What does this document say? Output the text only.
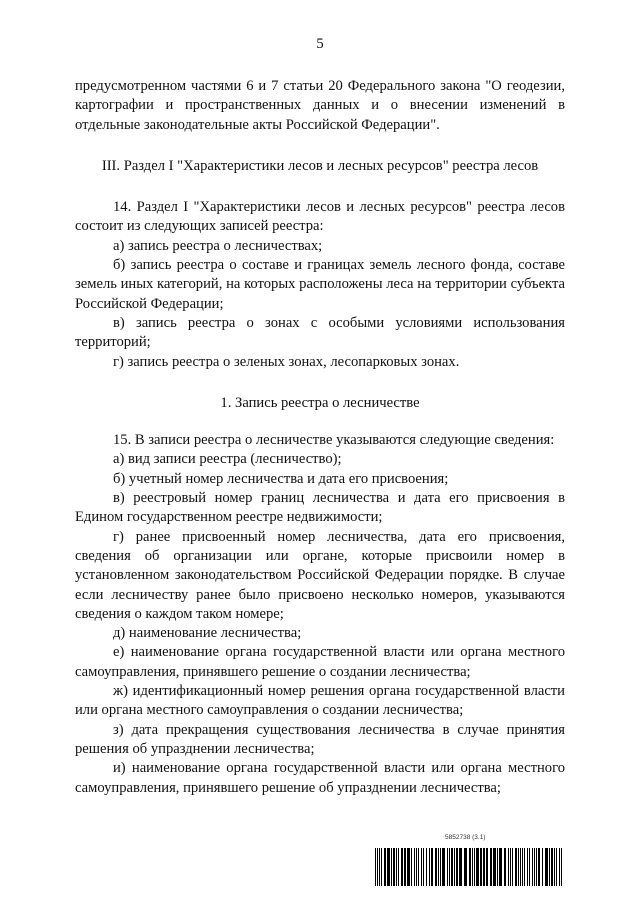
5

предусмотренном частями 6 и 7 статьи 20 Федерального закона "О геодезии, картографии и пространственных данных и о внесении изменений в отдельные законодательные акты Российской Федерации".

III. Раздел I "Характеристики лесов и лесных ресурсов" реестра лесов

14. Раздел I "Характеристики лесов и лесных ресурсов" реестра лесов состоит из следующих записей реестра:

а) запись реестра о лесничествах;

б) запись реестра о составе и границах земель лесного фонда, составе земель иных категорий, на которых расположены леса на территории субъекта Российской Федерации;

в) запись реестра о зонах с особыми условиями использования территорий;

г) запись реестра о зеленых зонах, лесопарковых зонах.

1. Запись реестра о лесничестве

15. В записи реестра о лесничестве указываются следующие сведения:

а) вид записи реестра (лесничество);

б) учетный номер лесничества и дата его присвоения;

в) реестровый номер границ лесничества и дата его присвоения в Едином государственном реестре недвижимости;

г) ранее присвоенный номер лесничества, дата его присвоения, сведения об организации или органе, которые присвоили номер в установленном законодательством Российской Федерации порядке. В случае если лесничеству ранее было присвоено несколько номеров, указываются сведения о каждом таком номере;

д) наименование лесничества;

е) наименование органа государственной власти или органа местного самоуправления, принявшего решение о создании лесничества;

ж) идентификационный номер решения органа государственной власти или органа местного самоуправления о создании лесничества;

з) дата прекращения существования лесничества в случае принятия решения об упразднении лесничества;

и) наименование органа государственной власти или органа местного самоуправления, принявшего решение об упразднении лесничества;

5852738 (3.1)
